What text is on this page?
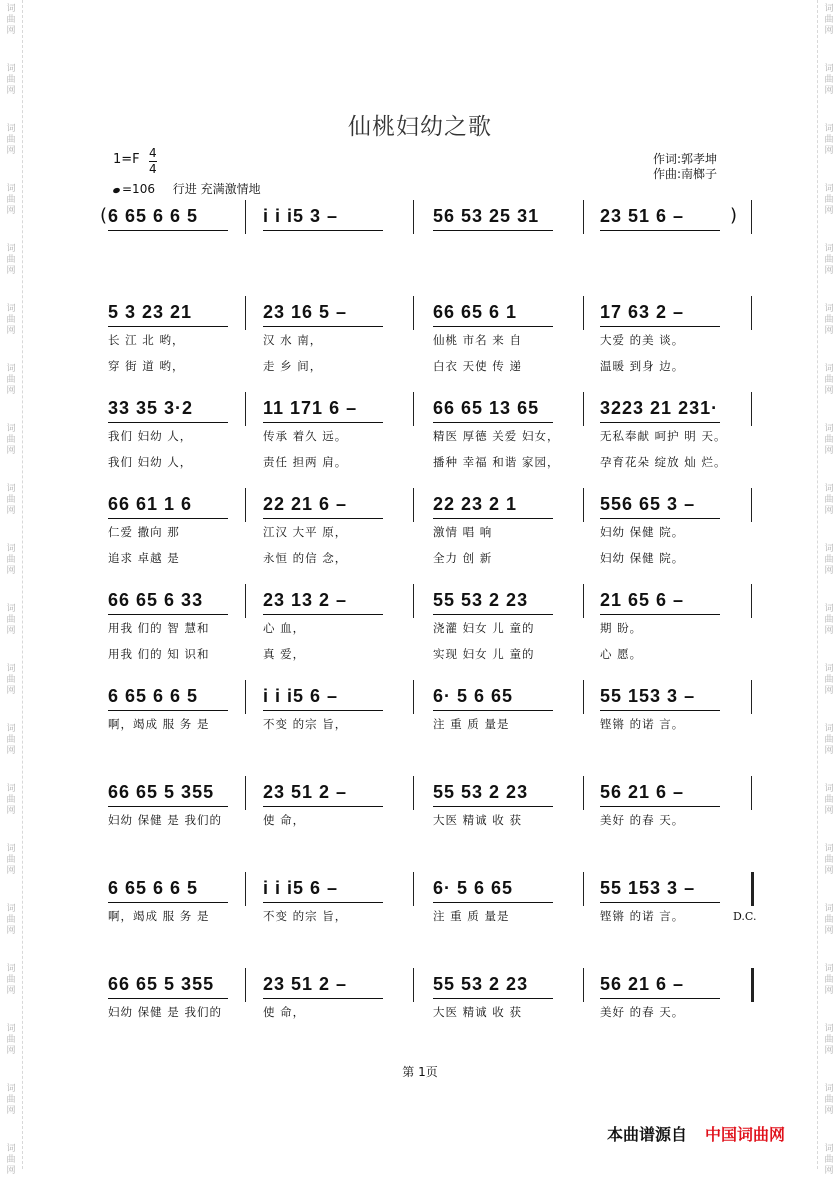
词
曲
网
词
曲
网
词
曲
网
词
曲
网
词
曲
网
词
曲
网
词
曲
网
词
曲
网
词
曲
网
词
曲
网
词
曲
网
词
曲
网
词
曲
网
词
曲
网
词
曲
网
词
曲
网
词
曲
网
词
曲
网
词
曲
网
词
曲
网
词
曲
网
词
曲
网
词
曲
网
词
曲
网
词
曲
网
词
曲
网
词
曲
网
词
曲
网
词
曲
网
词
曲
网
词
曲
网
词
曲
网
词
曲
网
词
曲
网
词
曲
网
词
曲
网
词
曲
网
词
曲
网
词
曲
网
词
曲
网
仙桃妇幼之歌
$1=F \frac{4}{4}$
=106 行进 充满激情地
作词:郭孝坤
作曲:南榔子
(	)
6 65 6 6 5	i i i5 3 –	56 53 25 31	23 51 6 –
5 3 23 21	23 16 5 –	66 65 6 1	17 63 2 –
长 江 北 哟，	汉 水 南，	仙桃 市名 来 自	大爱 的美 谈。
穿 街 道 哟，	走 乡 间，	白衣 天使 传 递	温暖 到身 边。
33 35 3·2	11 171 6 –	66 65 13 65	3223 21 231·
我们 妇幼 人，	传承 着久 远。	精医 厚德 关爱 妇女，	无私奉献 呵护 明 天。
我们 妇幼 人，	责任 担两 肩。	播种 幸福 和谐 家园，	孕育花朵 绽放 灿 烂。
66 61 1 6	22 21 6 –	22 23 2 1	556 65 3 –
仁爱 撒向 那	江汉 大平 原，	激情 唱 响	妇幼 保健 院。
追求 卓越 是	永恒 的信 念，	全力 创 新	妇幼 保健 院。
66 65 6 33	23 13 2 –	55 53 2 23	21 65 6 –
用我 们的 智 慧和	心 血，	浇灌 妇女 儿 童的	期 盼。
用我 们的 知 识和	真 爱，	实现 妇女 儿 童的	心 愿。
6 65 6 6 5	i i i5 6 –	6· 5 6 65	55 153 3 –
啊，竭成 服 务 是	不变 的宗 旨，	注 重 质 量是	铿锵 的诺 言。
66 65 5 355	23 51 2 –	55 53 2 23	56 21 6 –
妇幼 保健 是 我们的	使 命，	大医 精诚 收 获	美好 的春 天。
6 65 6 6 5	i i i5 6 –	6· 5 6 65	55 153 3 –
啊，竭成 服 务 是	不变 的宗 旨，	注 重 质 量是	铿锵 的诺 言。	D.C.
66 65 5 355	23 51 2 –	55 53 2 23	56 21 6 –
妇幼 保健 是 我们的	使 命，	大医 精诚 收 获	美好 的春 天。
第 1页
本曲谱源自 中国词曲网
